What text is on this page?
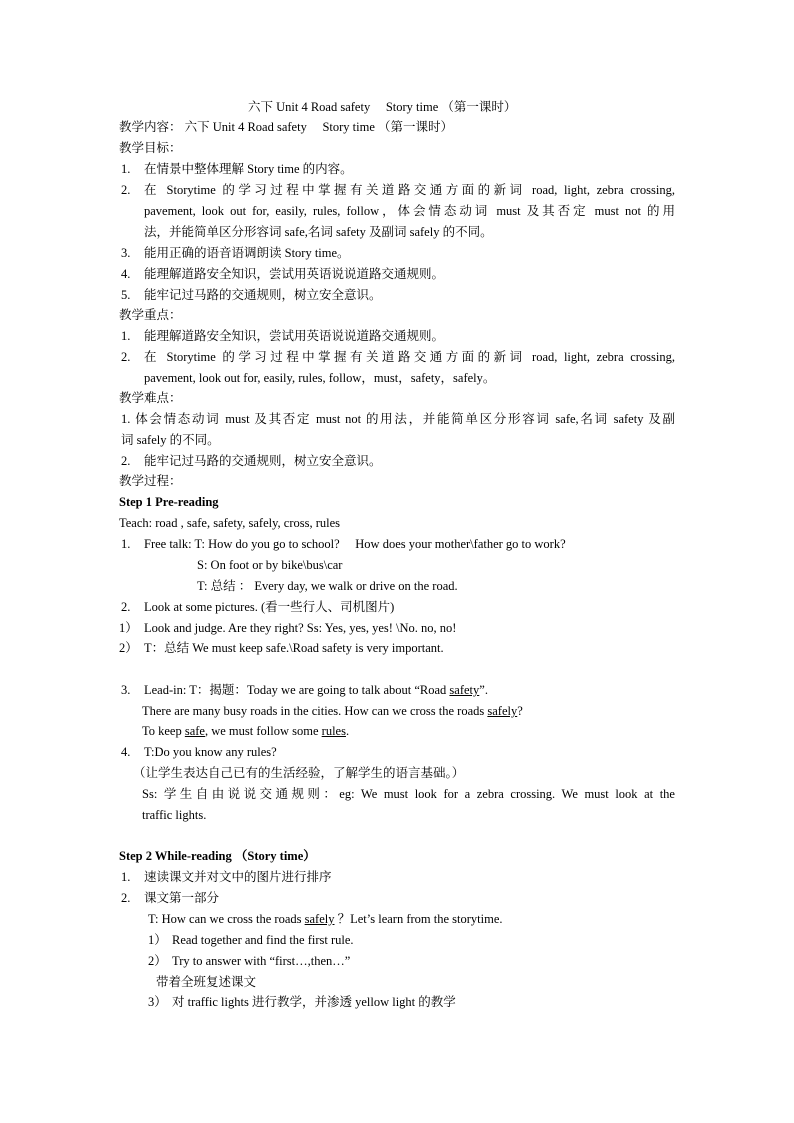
六下 Unit 4 Road safety　 Story time （第一课时）
教学内容： 六下 Unit 4 Road safety　 Story time （第一课时）
教学目标：
1. 在情景中整体理解 Story time 的内容。
2. 在 Storytime 的学习过程中掌握有关道路交通方面的新词 road, light, zebra crossing,
pavement, look out for, easily, rules, follow，体会情态动词 must 及其否定 must not 的用
法，并能简单区分形容词 safe,名词 safety 及副词 safely 的不同。
3. 能用正确的语音语调朗读 Story time。
4. 能理解道路安全知识，尝试用英语说说道路交通规则。
5. 能牢记过马路的交通规则，树立安全意识。
教学重点：
1. 能理解道路安全知识，尝试用英语说说道路交通规则。
2. 在 Storytime 的学习过程中掌握有关道路交通方面的新词 road, light, zebra crossing,
pavement, look out for, easily, rules, follow，must，safety，safely。
教学难点：
1. 体会情态动词 must 及其否定 must not 的用法，并能简单区分形容词 safe,名词 safety 及副
词 safely 的不同。
2. 能牢记过马路的交通规则，树立安全意识。
教学过程：
Step 1 Pre-reading
Teach: road , safe, safety, safely, cross, rules
1. Free talk: T: How do you go to school?　 How does your mother\father go to work?
S: On foot or by bike\bus\car
T: 总结 ： Every day, we walk or drive on the road.
2. Look at some pictures. (看一些行人、司机图片)
1） Look and judge. Are they right? Ss: Yes, yes, yes! \No. no, no!
2） T：总结 We must keep safe.\Road safety is very important.
3. Lead-in: T：揭题：Today we are going to talk about “Road safety”.
There are many busy roads in the cities. How can we cross the roads safely?
To keep safe, we must follow some rules.
4. T:Do you know any rules?
（让学生表达自己已有的生活经验，了解学生的语言基础。）
Ss: 学生自由说说交通规则：eg: We must look for a zebra crossing. We must look at the
traffic lights.
Step 2 While-reading （Story time）
1. 速读课文并对文中的图片进行排序
2. 课文第一部分
T: How can we cross the roads safely ？Let’s learn from the storytime.
1） Read together and find the first rule.
2） Try to answer with “first…,then…”
带着全班复述课文
3） 对 traffic lights 进行教学，并渗透 yellow light 的教学
